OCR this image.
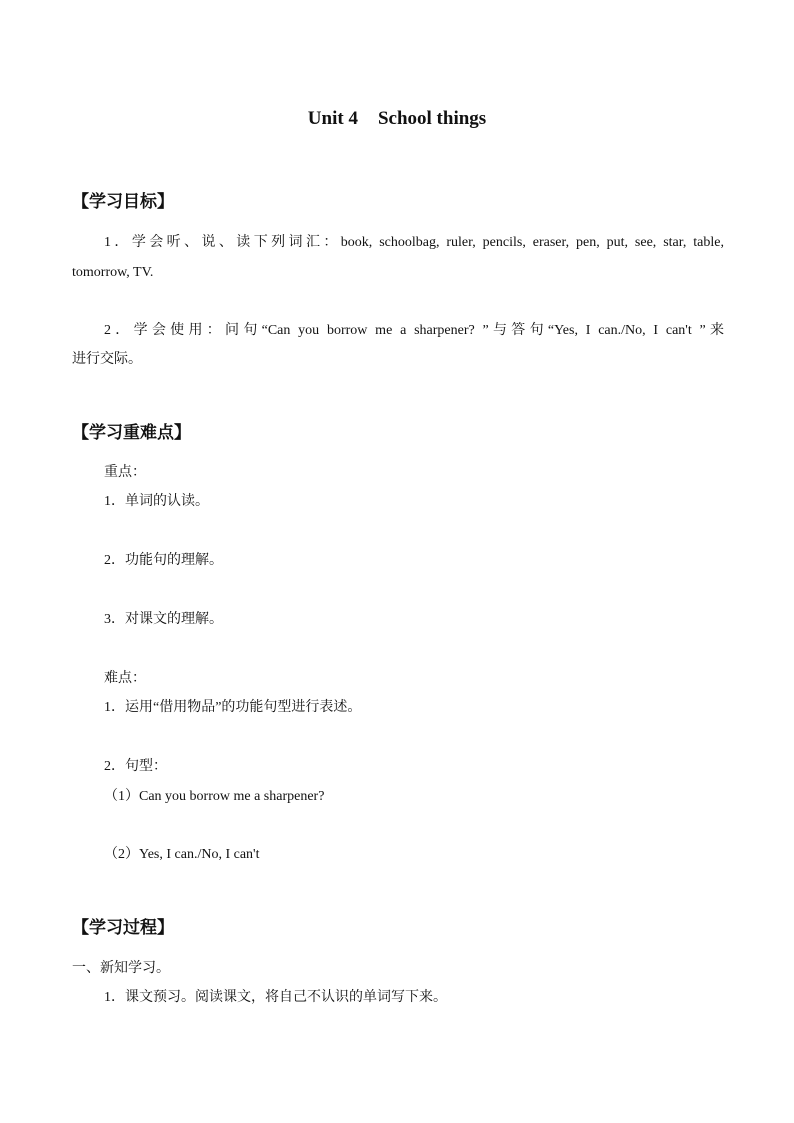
Unit 4 School things
【学习目标】
1．学会听、说、读下列词汇：book, schoolbag, ruler, pencils, eraser, pen, put, see, star, table,
tomorrow, TV.
2．学会使用：问句“Can you borrow me a sharpener? ”与答句“Yes, I can./No, I can't ”来
进行交际。
【学习重难点】
重点：
1．单词的认读。
2．功能句的理解。
3．对课文的理解。
难点：
1．运用“借用物品”的功能句型进行表述。
2．句型：
（1）Can you borrow me a sharpener?
（2）Yes, I can./No, I can't
【学习过程】
一、新知学习。
1．课文预习。阅读课文，将自己不认识的单词写下来。
